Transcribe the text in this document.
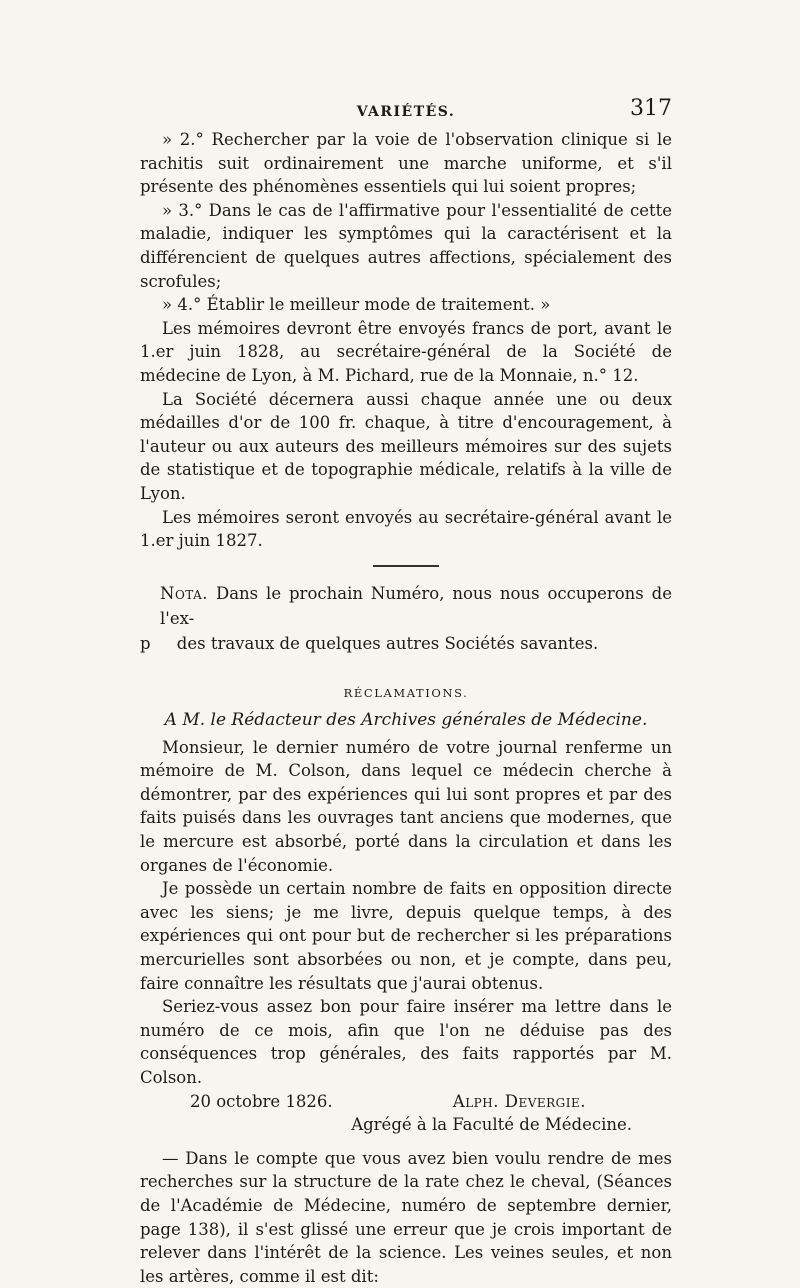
VARIÉTÉS.	317

» 2.° Rechercher par la voie de l'observation clinique si le rachitis suit ordinairement une marche uniforme, et s'il présente des phénomènes essentiels qui lui soient propres;

» 3.° Dans le cas de l'affirmative pour l'essentialité de cette maladie, indiquer les symptômes qui la caractérisent et la différencient de quelques autres affections, spécialement des scrofules;

» 4.° Établir le meilleur mode de traitement. »

Les mémoires devront être envoyés francs de port, avant le 1.er juin 1828, au secrétaire-général de la Société de médecine de Lyon, à M. Pichard, rue de la Monnaie, n.° 12.

La Société décernera aussi chaque année une ou deux médailles d'or de 100 fr. chaque, à titre d'encouragement, à l'auteur ou aux auteurs des meilleurs mémoires sur des sujets de statistique et de topographie médicale, relatifs à la ville de Lyon.

Les mémoires seront envoyés au secrétaire-général avant le 1.er juin 1827.

Nota. Dans le prochain Numéro, nous nous occuperons de l'ex-
p     des travaux de quelques autres Sociétés savantes.
RÉCLAMATIONS.
A M. le Rédacteur des Archives générales de Médecine.

Monsieur, le dernier numéro de votre journal renferme un mémoire de M. Colson, dans lequel ce médecin cherche à démontrer, par des expériences qui lui sont propres et par des faits puisés dans les ouvrages tant anciens que modernes, que le mercure est absorbé, porté dans la circulation et dans les organes de l'économie.

Je possède un certain nombre de faits en opposition directe avec les siens; je me livre, depuis quelque temps, à des expériences qui ont pour but de rechercher si les préparations mercurielles sont absorbées ou non, et je compte, dans peu, faire connaître les résultats que j'aurai obtenus.

Seriez-vous assez bon pour faire insérer ma lettre dans le numéro de ce mois, afin que l'on ne déduise pas des conséquences trop générales, des faits rapportés par M. Colson.

20 octobre 1826.	Alph. Devergie.
Agrégé à la Faculté de Médecine.

— Dans le compte que vous avez bien voulu rendre de mes recherches sur la structure de la rate chez le cheval, (Séances de l'Académie de Médecine, numéro de septembre dernier, page 138), il s'est glissé une erreur que je crois important de relever dans l'intérêt de la science. Les veines seules, et non les artères, comme il est dit:
